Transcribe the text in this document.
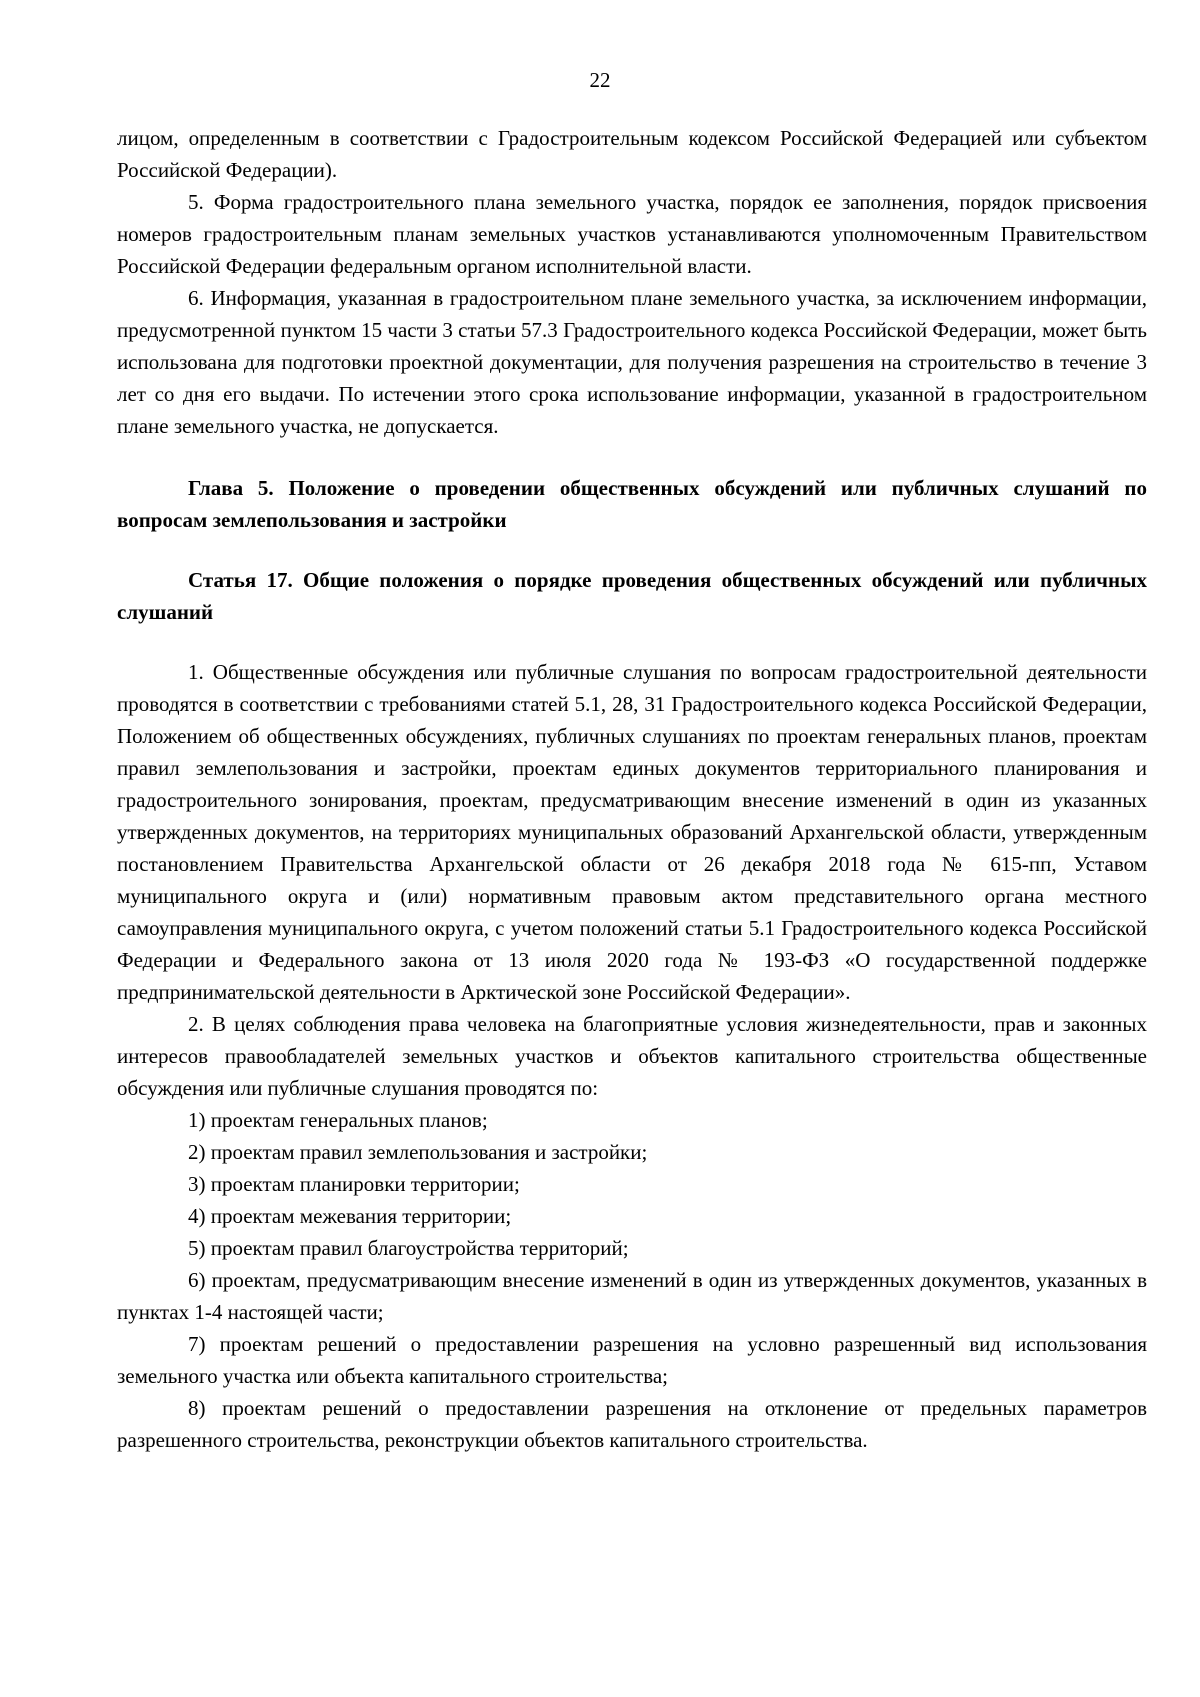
22

лицом, определенным в соответствии с Градостроительным кодексом Российской Федерацией или субъектом Российской Федерации).

5. Форма градостроительного плана земельного участка, порядок ее заполнения, порядок присвоения номеров градостроительным планам земельных участков устанавливаются уполномоченным Правительством Российской Федерации федеральным органом исполнительной власти.

6. Информация, указанная в градостроительном плане земельного участка, за исключением информации, предусмотренной пунктом 15 части 3 статьи 57.3 Градостроительного кодекса Российской Федерации, может быть использована для подготовки проектной документации, для получения разрешения на строительство в течение 3 лет со дня его выдачи. По истечении этого срока использование информации, указанной в градостроительном плане земельного участка, не допускается.

Глава 5. Положение о проведении общественных обсуждений или публичных слушаний по вопросам землепользования и застройки

Статья 17. Общие положения о порядке проведения общественных обсуждений или публичных слушаний

1. Общественные обсуждения или публичные слушания по вопросам градостроительной деятельности проводятся в соответствии с требованиями статей 5.1, 28, 31 Градостроительного кодекса Российской Федерации, Положением об общественных обсуждениях, публичных слушаниях по проектам генеральных планов, проектам правил землепользования и застройки, проектам единых документов территориального планирования и градостроительного зонирования, проектам, предусматривающим внесение изменений в один из указанных утвержденных документов, на территориях муниципальных образований Архангельской области, утвержденным постановлением Правительства Архангельской области от 26 декабря 2018 года № 615-пп, Уставом муниципального округа и (или) нормативным правовым актом представительного органа местного самоуправления муниципального округа, с учетом положений статьи 5.1 Градостроительного кодекса Российской Федерации и Федерального закона от 13 июля 2020 года № 193-ФЗ «О государственной поддержке предпринимательской деятельности в Арктической зоне Российской Федерации».

2. В целях соблюдения права человека на благоприятные условия жизнедеятельности, прав и законных интересов правообладателей земельных участков и объектов капитального строительства общественные обсуждения или публичные слушания проводятся по:

1) проектам генеральных планов;

2) проектам правил землепользования и застройки;

3) проектам планировки территории;

4) проектам межевания территории;

5) проектам правил благоустройства территорий;

6) проектам, предусматривающим внесение изменений в один из утвержденных документов, указанных в пунктах 1-4 настоящей части;

7) проектам решений о предоставлении разрешения на условно разрешенный вид использования земельного участка или объекта капитального строительства;

8) проектам решений о предоставлении разрешения на отклонение от предельных параметров разрешенного строительства, реконструкции объектов капитального строительства.
